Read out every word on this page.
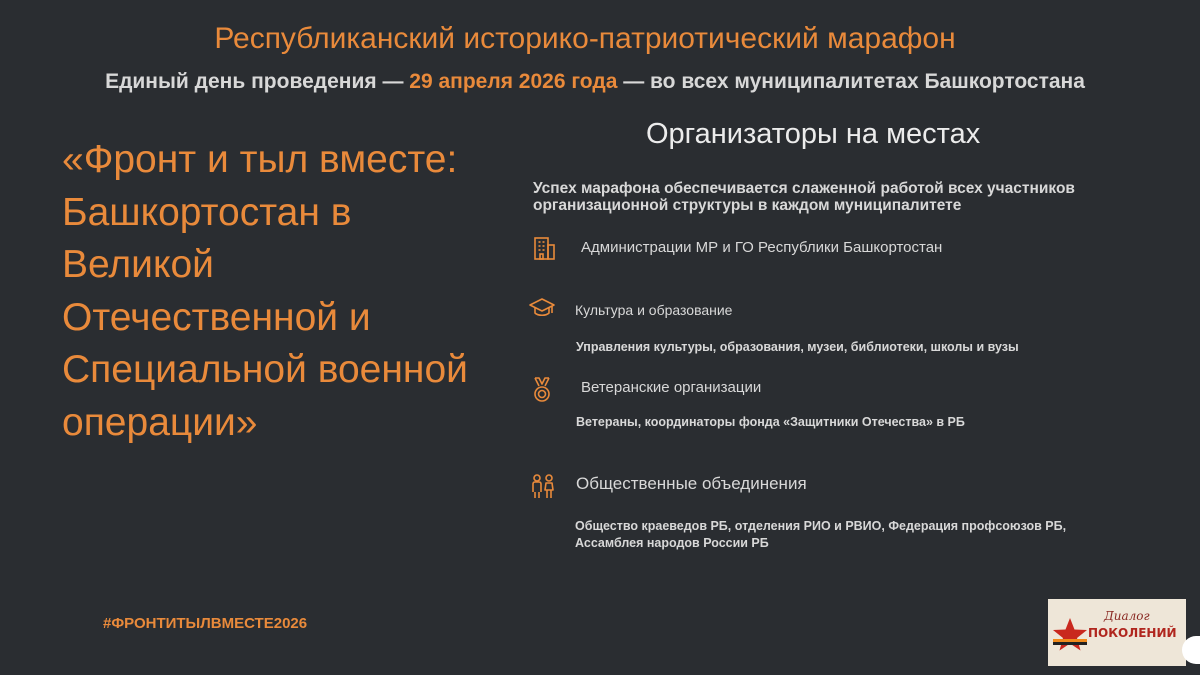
Республиканский историко-патриотический марафон
Единый день проведения — 29 апреля 2026 года — во всех муниципалитетах Башкортостана
«Фронт и тыл вместе: Башкортостан в Великой Отечественной и Специальной военной операции»
#ФРОНТИТЫЛВМЕСТЕ2026
Организаторы на местах
Успех марафона обеспечивается слаженной работой всех участников организационной структуры в каждом муниципалитете
Администрации МР и ГО Республики Башкортостан
Культура и образование
Управления культуры, образования, музеи, библиотеки, школы и вузы
Ветеранские организации
Ветераны, координаторы фонда «Защитники Отечества» в РБ
Общественные объединения
Общество краеведов РБ, отделения РИО и РВИО, Федерация профсоюзов РБ, Ассамблея народов России РБ
Диалог
ПОКОЛЕНИЙ
